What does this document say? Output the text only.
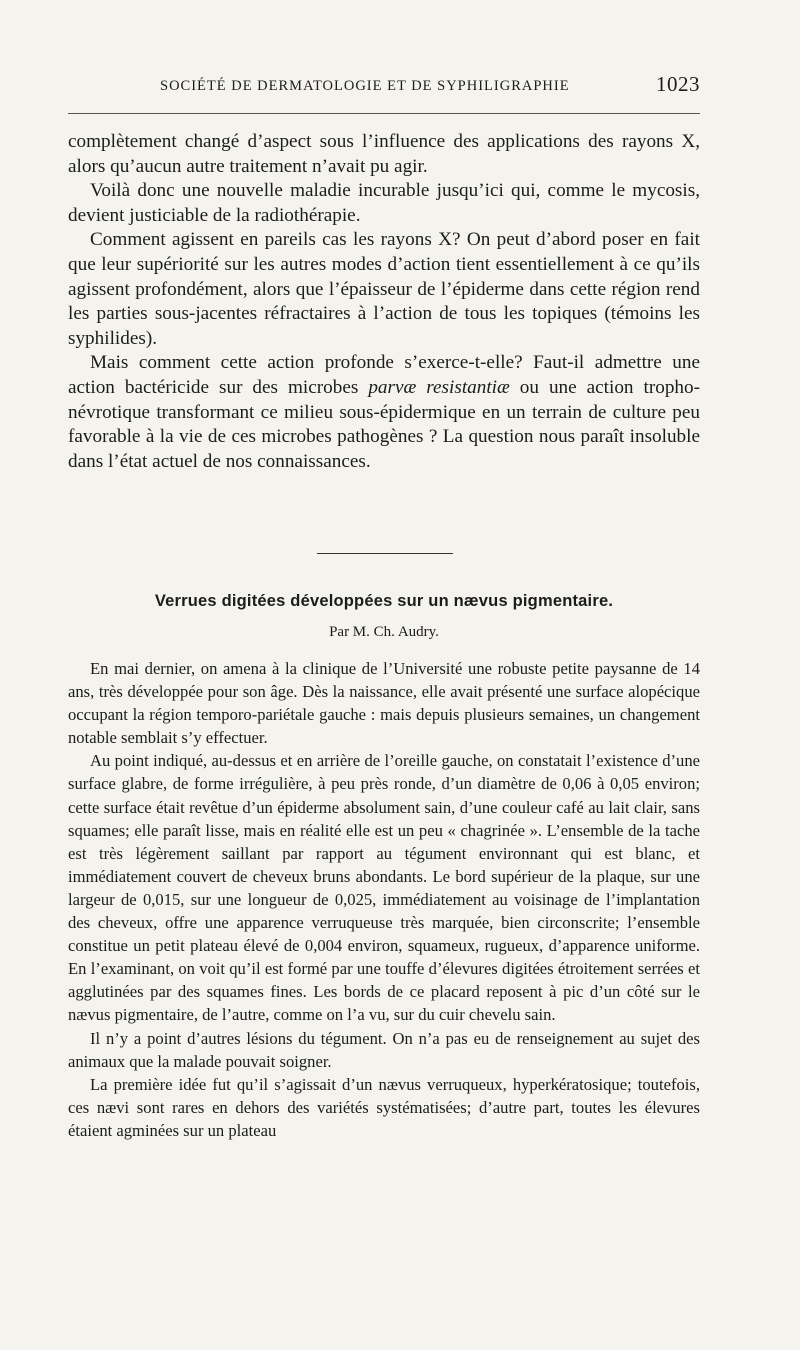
SOCIÉTÉ DE DERMATOLOGIE ET DE SYPHILIGRAPHIE	1023

complètement changé d’aspect sous l’influence des applications des rayons X, alors qu’aucun autre traitement n’avait pu agir.

Voilà donc une nouvelle maladie incurable jusqu’ici qui, comme le mycosis, devient justiciable de la radiothérapie.

Comment agissent en pareils cas les rayons X? On peut d’abord poser en fait que leur supériorité sur les autres modes d’action tient essentiellement à ce qu’ils agissent profondément, alors que l’épaisseur de l’épiderme dans cette région rend les parties sous-jacentes réfractaires à l’action de tous les topiques (témoins les syphilides).

Mais comment cette action profonde s’exerce-t-elle? Faut-il admettre une action bactéricide sur des microbes parvæ resistantiæ ou une action tropho-névrotique transformant ce milieu sous-épidermique en un terrain de culture peu favorable à la vie de ces microbes pathogènes ? La question nous paraît insoluble dans l’état actuel de nos connaissances.

Verrues digitées développées sur un nævus pigmentaire.
Par M. Ch. Audry.

En mai dernier, on amena à la clinique de l’Université une robuste petite paysanne de 14 ans, très développée pour son âge. Dès la naissance, elle avait présenté une surface alopécique occupant la région temporo-pariétale gauche : mais depuis plusieurs semaines, un changement notable semblait s’y effectuer.

Au point indiqué, au-dessus et en arrière de l’oreille gauche, on constatait l’existence d’une surface glabre, de forme irrégulière, à peu près ronde, d’un diamètre de 0,06 à 0,05 environ; cette surface était revêtue d’un épiderme absolument sain, d’une couleur café au lait clair, sans squames; elle paraît lisse, mais en réalité elle est un peu « chagrinée ». L’ensemble de la tache est très légèrement saillant par rapport au tégument environnant qui est blanc, et immédiatement couvert de cheveux bruns abondants. Le bord supérieur de la plaque, sur une largeur de 0,015, sur une longueur de 0,025, immédiatement au voisinage de l’implantation des cheveux, offre une apparence verruqueuse très marquée, bien circonscrite; l’ensemble constitue un petit plateau élevé de 0,004 environ, squameux, rugueux, d’apparence uniforme. En l’examinant, on voit qu’il est formé par une touffe d’élevures digitées étroitement serrées et agglutinées par des squames fines. Les bords de ce placard reposent à pic d’un côté sur le nævus pigmentaire, de l’autre, comme on l’a vu, sur du cuir chevelu sain.

Il n’y a point d’autres lésions du tégument. On n’a pas eu de renseignement au sujet des animaux que la malade pouvait soigner.

La première idée fut qu’il s’agissait d’un nævus verruqueux, hyperkératosique; toutefois, ces nævi sont rares en dehors des variétés systématisées; d’autre part, toutes les élevures étaient agminées sur un plateau
